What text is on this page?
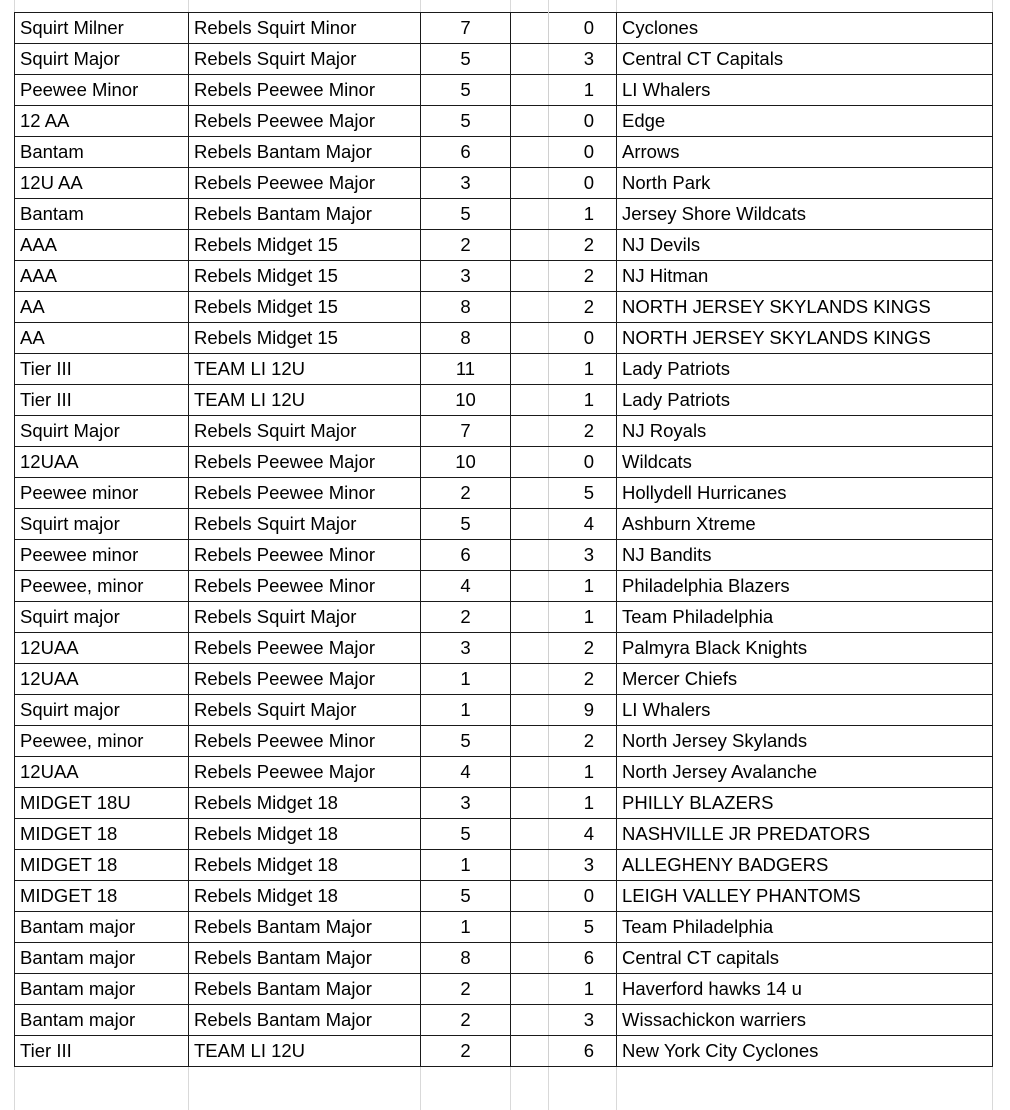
Squirt Milner	Rebels Squirt Minor	7		0	Cyclones
Squirt Major	Rebels Squirt Major	5		3	Central CT Capitals
Peewee Minor	Rebels Peewee Minor	5		1	LI Whalers
12 AA	Rebels Peewee Major	5		0	Edge
Bantam	Rebels Bantam Major	6		0	Arrows
12U AA	Rebels Peewee Major	3		0	North Park
Bantam	Rebels Bantam Major	5		1	Jersey Shore Wildcats
AAA	Rebels Midget 15	2		2	NJ Devils
AAA	Rebels Midget 15	3		2	NJ Hitman
AA	Rebels Midget 15	8		2	NORTH JERSEY SKYLANDS KINGS
AA	Rebels Midget 15	8		0	NORTH JERSEY SKYLANDS KINGS
Tier III	TEAM LI 12U	11		1	Lady Patriots
Tier III	TEAM LI 12U	10		1	Lady Patriots
Squirt Major	Rebels Squirt Major	7		2	NJ Royals
12UAA	Rebels Peewee Major	10		0	Wildcats
Peewee minor	Rebels Peewee Minor	2		5	Hollydell Hurricanes
Squirt major	Rebels Squirt Major	5		4	Ashburn Xtreme
Peewee minor	Rebels Peewee Minor	6		3	NJ Bandits
Peewee, minor	Rebels Peewee Minor	4		1	Philadelphia Blazers
Squirt major	Rebels Squirt Major	2		1	Team Philadelphia
12UAA	Rebels Peewee Major	3		2	Palmyra Black Knights
12UAA	Rebels Peewee Major	1		2	Mercer Chiefs
Squirt major	Rebels Squirt Major	1		9	LI Whalers
Peewee, minor	Rebels Peewee Minor	5		2	North Jersey Skylands
12UAA	Rebels Peewee Major	4		1	North Jersey Avalanche
MIDGET 18U	Rebels Midget 18	3		1	PHILLY BLAZERS
MIDGET 18	Rebels Midget 18	5		4	NASHVILLE JR PREDATORS
MIDGET 18	Rebels Midget 18	1		3	ALLEGHENY BADGERS
MIDGET 18	Rebels Midget 18	5		0	LEIGH VALLEY PHANTOMS
Bantam major	Rebels Bantam Major	1		5	Team Philadelphia
Bantam major	Rebels Bantam Major	8		6	Central CT capitals
Bantam major	Rebels Bantam Major	2		1	Haverford hawks 14 u
Bantam major	Rebels Bantam Major	2		3	Wissachickon warriers
Tier III	TEAM LI 12U	2		6	New York City Cyclones
